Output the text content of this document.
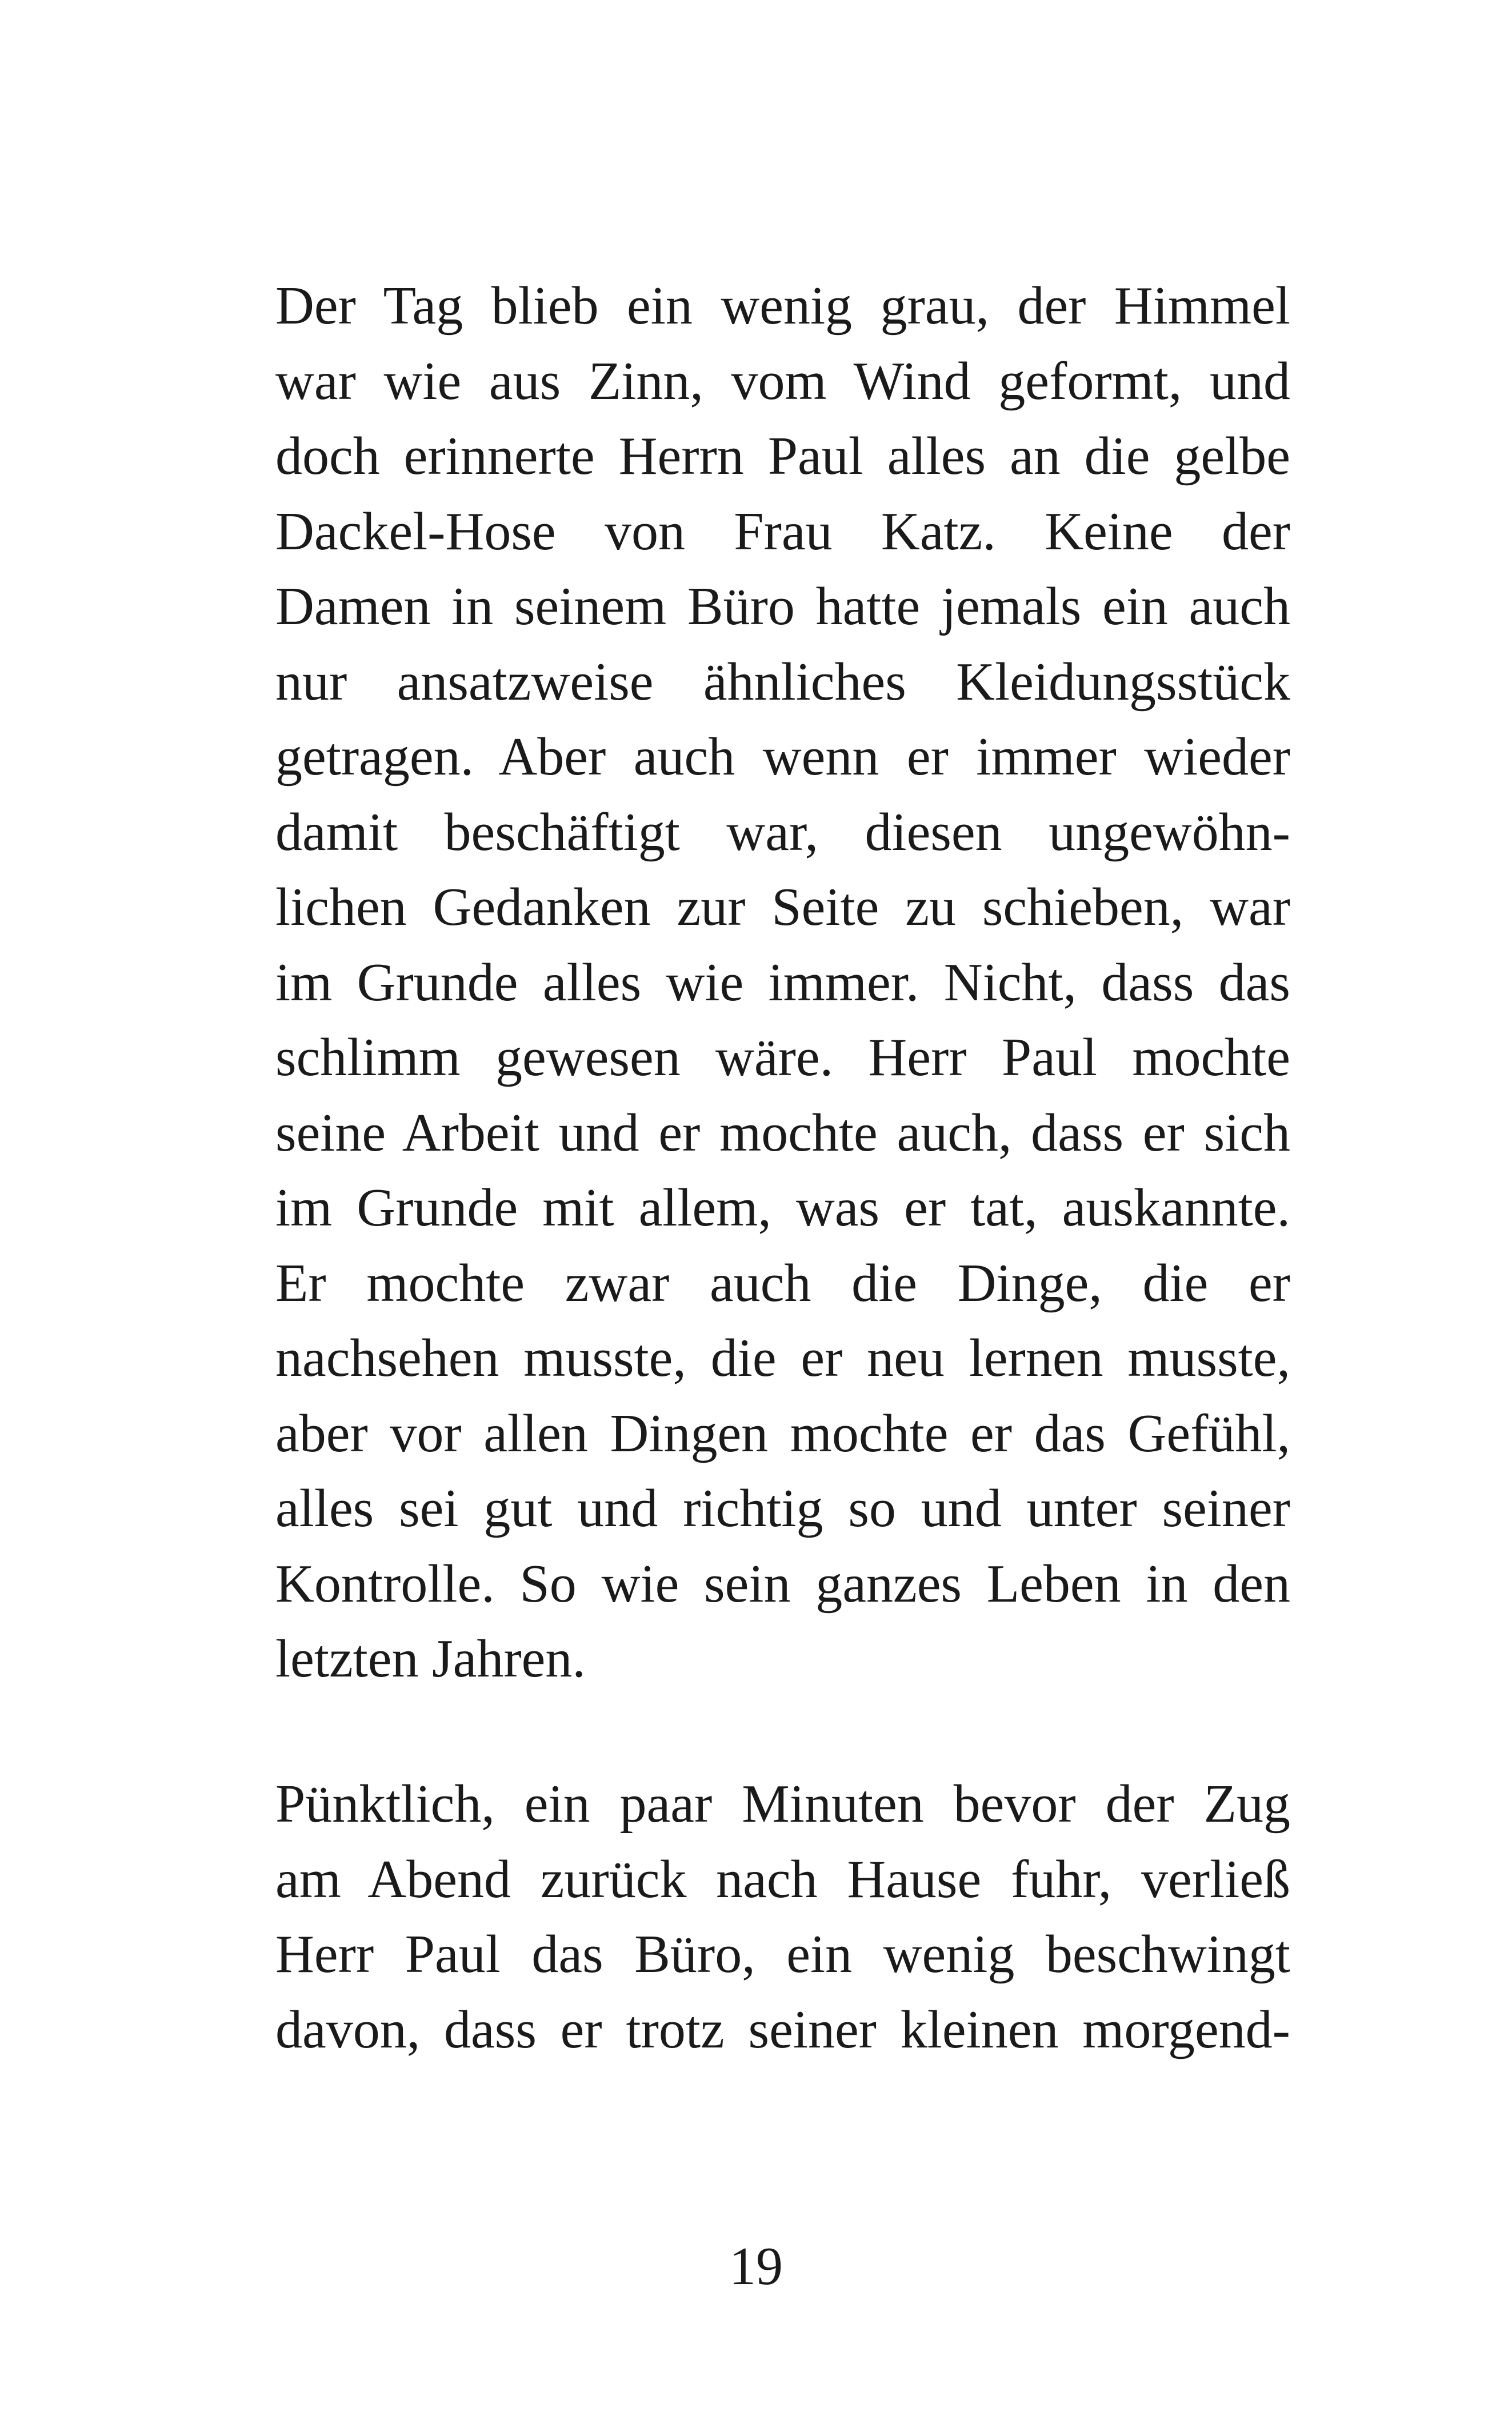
Der Tag blieb ein wenig grau, der Himmel
war wie aus Zinn, vom Wind geformt, und
doch erinnerte Herrn Paul alles an die gelbe
Dackel-Hose von Frau Katz. Keine der
Damen in seinem Büro hatte jemals ein auch
nur ansatzweise ähnliches Kleidungsstück
getragen. Aber auch wenn er immer wieder
damit beschäftigt war, diesen ungewöhn-
lichen Gedanken zur Seite zu schieben, war
im Grunde alles wie immer. Nicht, dass das
schlimm gewesen wäre. Herr Paul mochte
seine Arbeit und er mochte auch, dass er sich
im Grunde mit allem, was er tat, auskannte.
Er mochte zwar auch die Dinge, die er
nachsehen musste, die er neu lernen musste,
aber vor allen Dingen mochte er das Gefühl,
alles sei gut und richtig so und unter seiner
Kontrolle. So wie sein ganzes Leben in den
letzten Jahren.
Pünktlich, ein paar Minuten bevor der Zug
am Abend zurück nach Hause fuhr, verließ
Herr Paul das Büro, ein wenig beschwingt
davon, dass er trotz seiner kleinen morgend-
19
